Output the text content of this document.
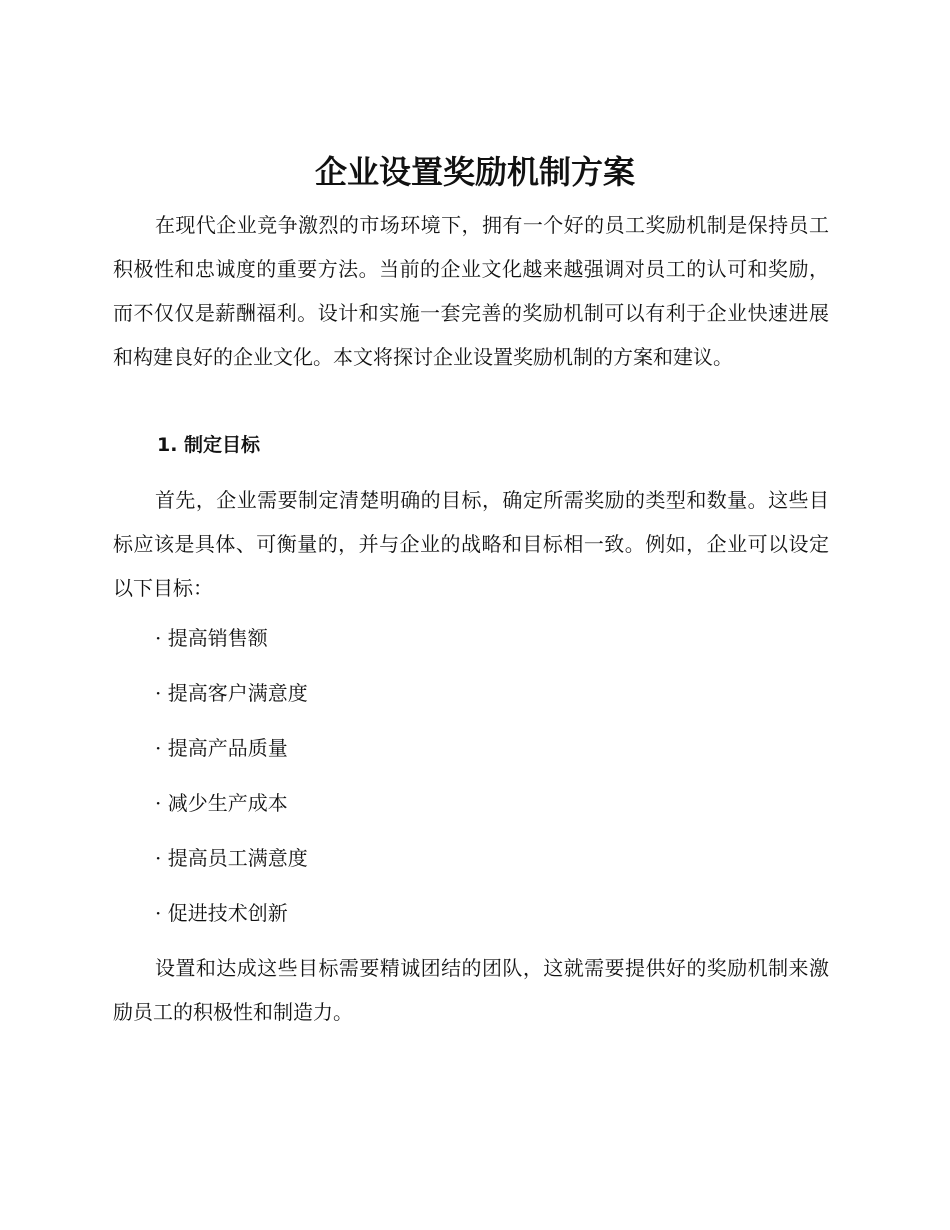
企业设置奖励机制方案

在现代企业竞争激烈的市场环境下，拥有一个好的员工奖励机制是保持员工积极性和忠诚度的重要方法。当前的企业文化越来越强调对员工的认可和奖励，而不仅仅是薪酬福利。设计和实施一套完善的奖励机制可以有利于企业快速进展和构建良好的企业文化。本文将探讨企业设置奖励机制的方案和建议。

1. 制定目标

首先，企业需要制定清楚明确的目标，确定所需奖励的类型和数量。这些目标应该是具体、可衡量的，并与企业的战略和目标相一致。例如，企业可以设定以下目标：

· 提高销售额
· 提高客户满意度
· 提高产品质量
· 减少生产成本
· 提高员工满意度
· 促进技术创新

设置和达成这些目标需要精诚团结的团队，这就需要提供好的奖励机制来激励员工的积极性和制造力。
